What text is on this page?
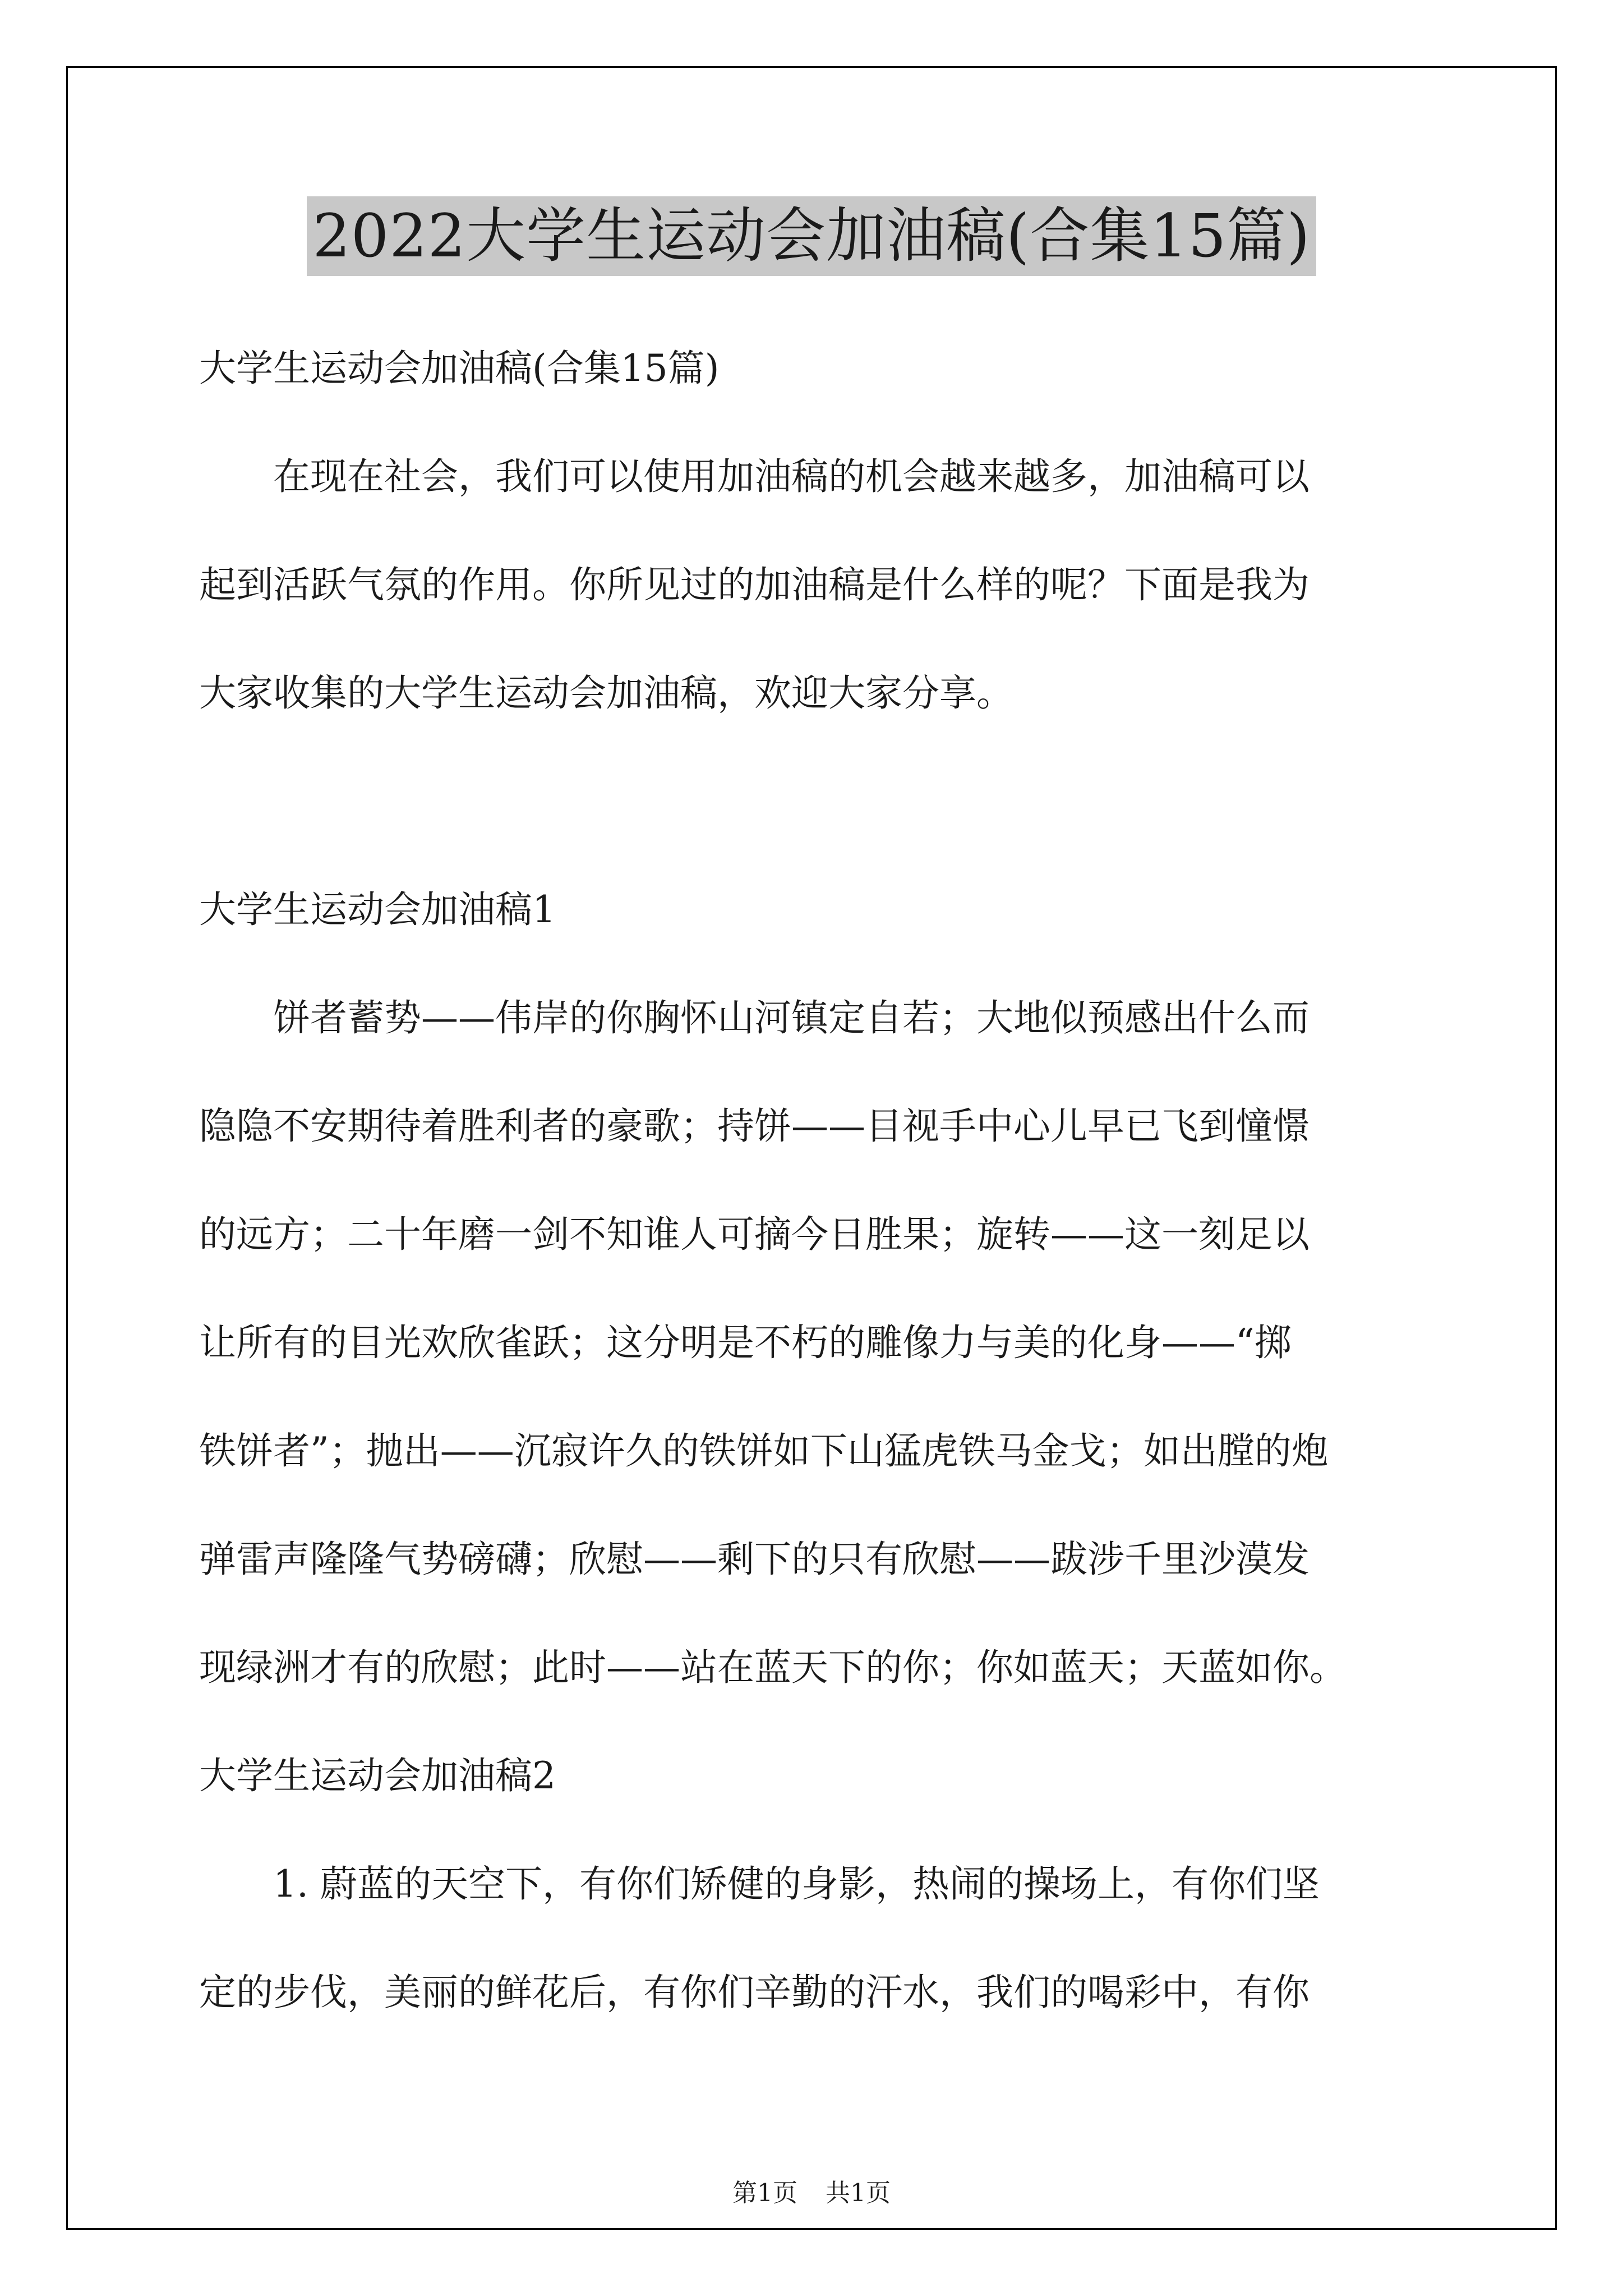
2022大学生运动会加油稿(合集15篇)

大学生运动会加油稿(合集15篇)

在现在社会，我们可以使用加油稿的机会越来越多，加油稿可以

起到活跃气氛的作用。你所见过的加油稿是什么样的呢？下面是我为

大家收集的大学生运动会加油稿，欢迎大家分享。

大学生运动会加油稿1

饼者蓄势——伟岸的你胸怀山河镇定自若；大地似预感出什么而

隐隐不安期待着胜利者的豪歌；持饼——目视手中心儿早已飞到憧憬

的远方；二十年磨一剑不知谁人可摘今日胜果；旋转——这一刻足以

让所有的目光欢欣雀跃；这分明是不朽的雕像力与美的化身——“掷

铁饼者”；抛出——沉寂许久的铁饼如下山猛虎铁马金戈；如出膛的炮

弹雷声隆隆气势磅礴；欣慰——剩下的只有欣慰——跋涉千里沙漠发

现绿洲才有的欣慰；此时——站在蓝天下的你；你如蓝天；天蓝如你。

大学生运动会加油稿2

1. 蔚蓝的天空下，有你们矫健的身影，热闹的操场上，有你们坚

定的步伐，美丽的鲜花后，有你们辛勤的汗水，我们的喝彩中，有你

第1页 共1页
